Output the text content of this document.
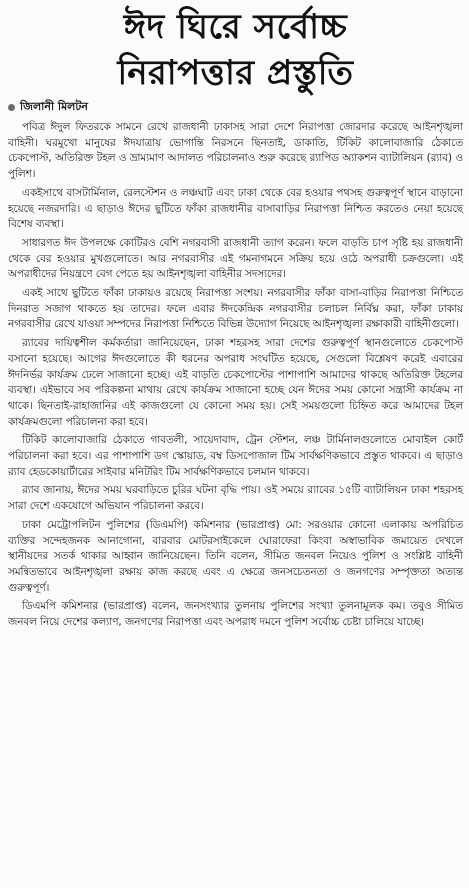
ঈদ ঘিরে সর্বোচ্চ
নিরাপত্তার প্রস্তুতি
জিলানী মিলটন

পবিত্র ঈদুল ফিতরকে সামনে রেখে রাজধানী ঢাকাসহ সারা দেশে নিরাপত্তা জোরদার করেছে আইনশৃঙ্খলা বাহিনী। ঘরমুখো মানুষের ঈদযাত্রায় ভোগান্তি নিরসনে ছিনতাই, ডাকাতি, টিকিট কালোবাজারি ঠেকাতে চেকপোস্ট, অতিরিক্ত টহল ও ভ্রাম্যমাণ আদালত পরিচালনাও শুরু করেছে র‍্যাপিড অ্যাকশন ব্যাটালিয়ন (র‍্যাব) ও পুলিশ।

একইসাথে বাসটার্মিনাল, রেলস্টেশন ও লঞ্চঘাট এবং ঢাকা থেকে বের হওয়ার পথসহ গুরুত্বপূর্ণ স্থানে বাড়ানো হয়েছে নজরদারি। এ ছাড়াও ঈদের ছুটিতে ফাঁকা রাজধানীর বাসাবাড়ির নিরাপত্তা নিশ্চিত করতেও নেয়া হয়েছে বিশেষ ব্যবস্থা।

সাধারণত ঈদ উপলক্ষে কোটিরও বেশি নগরবাসী রাজধানী ত্যাগ করেন। ফলে বাড়তি চাপ সৃষ্টি হয় রাজধানী থেকে বের হওয়ার মুখগুলোতে। আর নগরবাসীর এই গমনাগমনে সক্রিয় হয়ে ওঠে অপরাধী চক্রগুলো। এই অপরাধীদের নিয়ন্ত্রণে বেগ পেতে হয় আইনশৃঙ্খলা বাহিনীর সদস্যদের।

একই সাথে ছুটিতে ফাঁকা ঢাকায়ও রয়েছে নিরাপত্তা সংশয়। নগরবাসীর ফাঁকা বাসা-বাড়ির নিরাপত্তা নিশ্চিতে দিনরাত সজাগ থাকতে হয় তাদের। ফলে এবার ঈদকেন্দ্রিক নগরবাসীর চলাচল নির্বিঘ্ন করা, ফাঁকা ঢাকায় নগরবাসীর রেখে যাওয়া সম্পদের নিরাপত্তা নিশ্চিতে বিভিন্ন উদ্যোগ নিয়েছে আইনশৃঙ্খলা রক্ষাকারী বাহিনীগুলো।

র‍্যাবের দায়িত্বশীল কর্মকর্তারা জানিয়েছেন, ঢাকা শহরসহ সারা দেশের গুরুত্বপূর্ণ স্থানগুলোতে চেকপোস্ট বসানো হয়েছে। আগের ঈদগুলোতে কী ধরনের অপরাধ সংঘটিত হয়েছে, সেগুলো বিশ্লেষণ করেই এবারের ঈদনির্ভর কার্যক্রম ঢেলে সাজানো হচ্ছে। এই বাড়তি চেকপোস্টের পাশাপাশি আমাদের থাকছে অতিরিক্ত টহলের ব্যবস্থা। এইভাবে সব পরিকল্পনা মাথায় রেখে কার্যক্রম সাজানো হচ্ছে যেন ঈদের সময় কোনো সন্ত্রাসী কার্যক্রম না থাকে। ছিনতাই-রাহাজানির এই কাজগুলো যে কোনো সময় হয়। সেই সময়গুলো চিহ্নিত করে আমাদের টহল কার্যক্রমগুলো পরিচালনা করা হবে।

টিকিট কালোবাজারি ঠেকাতে গাবতলী, সায়েদাবাদ, ট্রেন স্টেশন, লঞ্চ টার্মিনালগুলোতে মোবাইল কোর্ট পরিচালনা করা হবে। এর পাশাপাশি ডগ স্কোয়াড, বম্ব ডিসপোজাল টিম সার্বক্ষণিকভাবে প্রস্তুত থাকবে। এ ছাড়াও র‍্যাব হেডকোয়ার্টারের সাইবার মনিটরিং টিম সার্বক্ষণিকভাবে চলমান থাকবে।

র‍্যাব জানায়, ঈদের সময় ঘরবাড়িতে চুরির ঘটনা বৃদ্ধি পায়। ওই সময়ে র‍্যাবের ১৫টি ব্যাটালিয়ন ঢাকা শহরসহ সারা দেশে একযোগে অভিযান পরিচালনা করবে।

ঢাকা মেট্রোপলিটন পুলিশের (ডিএমপি) কমিশনার (ভারপ্রাপ্ত) মো: সরওয়ার কোনো এলাকায় অপরিচিত ব্যক্তির সন্দেহজনক আনাগোনা, বারবার মোটরসাইকেলে ঘোরাফেরা কিংবা অস্বাভাবিক জমায়েত দেখলে স্থানীয়দের সতর্ক থাকার আহ্বান জানিয়েছেন। তিনি বলেন, সীমিত জনবল নিয়েও পুলিশ ও সংশ্লিষ্ট বাহিনী সমন্বিতভাবে আইনশৃঙ্খলা রক্ষায় কাজ করছে এবং এ ক্ষেত্রে জনসচেতনতা ও জনগণের সম্পৃক্ততা অত্যন্ত গুরুত্বপূর্ণ।

ডিএমপি কমিশনার (ভারপ্রাপ্ত) বলেন, জনসংখ্যার তুলনায় পুলিশের সংখ্যা তুলনামূলক কম। তবুও সীমিত জনবল নিয়ে দেশের কল্যাণ, জনগণের নিরাপত্তা এবং অপরাধ দমনে পুলিশ সর্বোচ্চ চেষ্টা চালিয়ে যাচ্ছে।
